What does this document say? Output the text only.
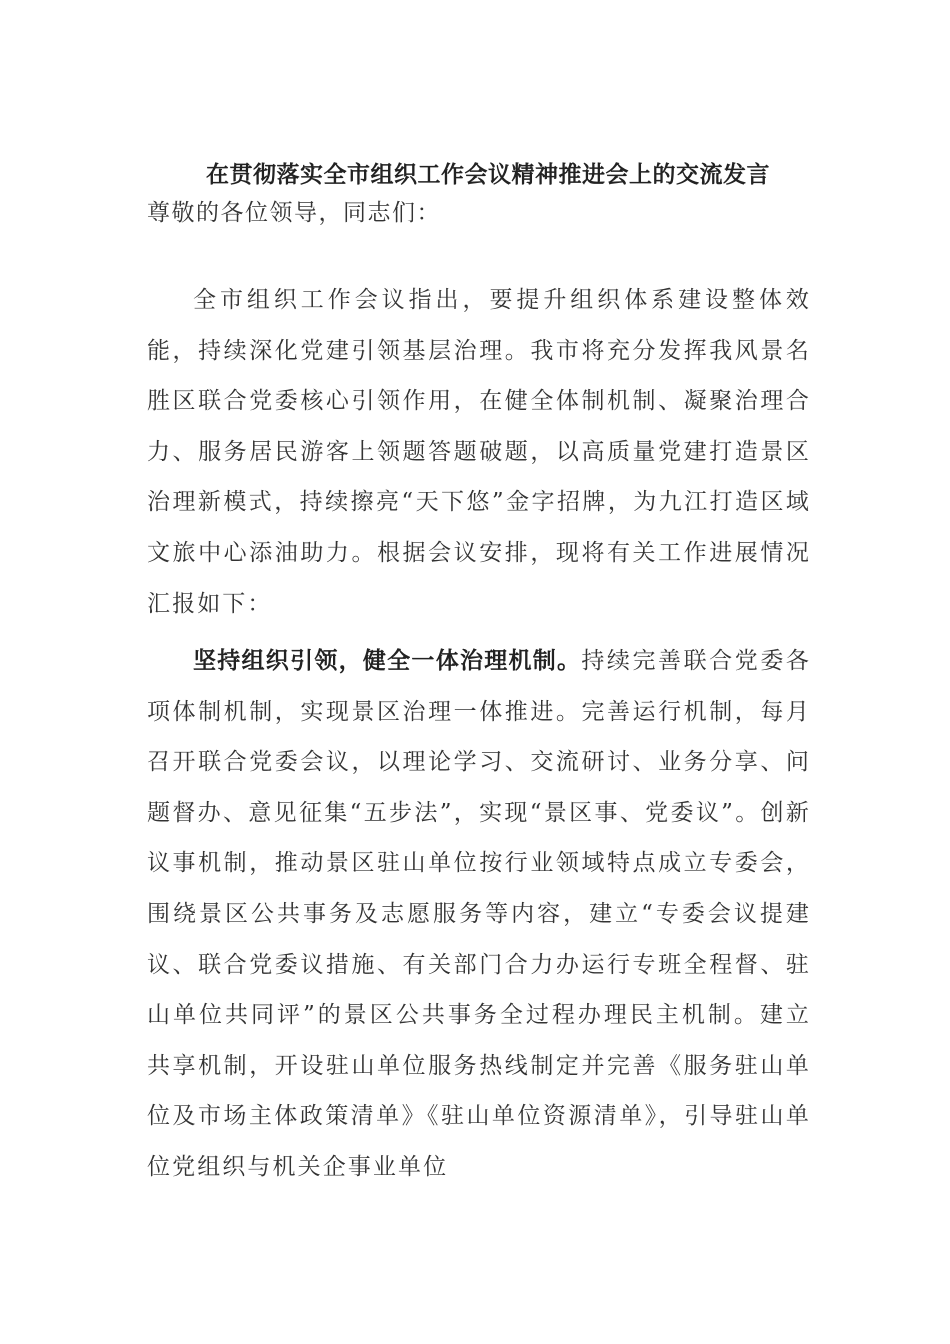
在贯彻落实全市组织工作会议精神推进会上的交流发言

尊敬的各位领导，同志们：

全市组织工作会议指出，要提升组织体系建设整体效能，持续深化党建引领基层治理。我市将充分发挥我风景名胜区联合党委核心引领作用，在健全体制机制、凝聚治理合力、服务居民游客上领题答题破题，以高质量党建打造景区治理新模式，持续擦亮“天下悠”金字招牌，为九江打造区域文旅中心添油助力。根据会议安排，现将有关工作进展情况汇报如下：

坚持组织引领，健全一体治理机制。持续完善联合党委各项体制机制，实现景区治理一体推进。完善运行机制，每月召开联合党委会议，以理论学习、交流研讨、业务分享、问题督办、意见征集“五步法”，实现“景区事、党委议”。创新议事机制，推动景区驻山单位按行业领域特点成立专委会，围绕景区公共事务及志愿服务等内容，建立“专委会议提建议、联合党委议措施、有关部门合力办运行专班全程督、驻山单位共同评”的景区公共事务全过程办理民主机制。建立共享机制，开设驻山单位服务热线制定并完善《服务驻山单位及市场主体政策清单》《驻山单位资源清单》，引导驻山单位党组织与机关企事业单位
